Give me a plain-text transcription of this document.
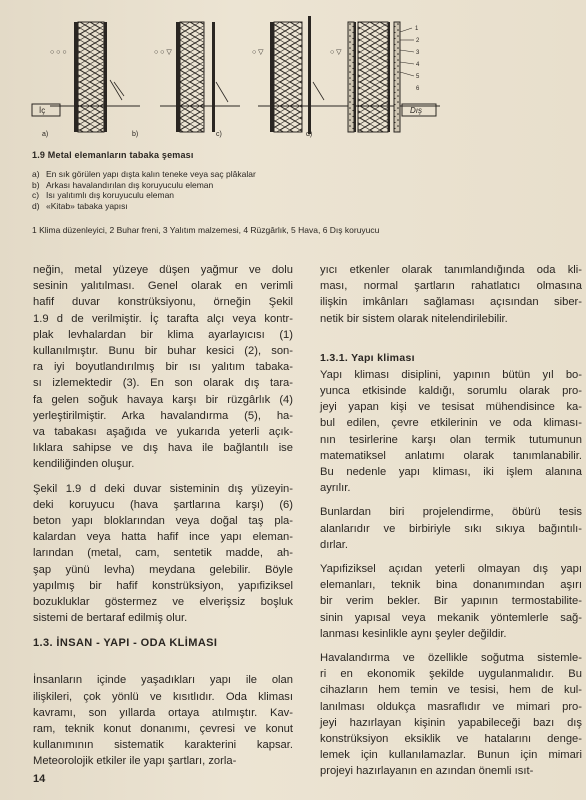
○ ○ ○
İç
○ ○ ▽	○ ▽
1
2
3
4
5
6
○ ▽
Dış
a)	b)	c)	d)
1.9 Metal elemanların tabaka şeması
a) En sık görülen yapı dışta kalın teneke veya saç plâkalar
b) Arkası havalandırılan dış koruyuculu eleman
c) Isı yalıtımlı dış koruyuculu eleman
d) «Kitab» tabaka yapısı
1 Klima düzenleyici, 2 Buhar freni, 3 Yalıtım malzemesi, 4 Rüzgârlık, 5 Hava, 6 Dış koruyucu

neğin, metal yüzeye düşen yağmur ve dolu
sesinin yalıtılması. Genel olarak en verimli
hafif duvar konstrüksiyonu, örneğin Şekil
1.9 d de verilmiştir. İç tarafta alçı veya kontr-
plak levhalardan bir klima ayarlayıcısı (1)
kullanılmıştır. Bunu bir buhar kesici (2), son-
ra iyi boyutlandırılmış bir ısı yalıtım tabaka-
sı izlemektedir (3). En son olarak dış tara-
fa gelen soğuk havaya karşı bir rüzgârlık (4)
yerleştirilmiştir. Arka havalandırma (5), ha-
va tabakası aşağıda ve yukarıda yeterli açık-
lıklara sahipse ve dış hava ile bağlantılı ise
kendiliğinden oluşur.

Şekil 1.9 d deki duvar sisteminin dış yüzeyin-
deki koruyucu (hava şartlarına karşı) (6)
beton yapı bloklarından veya doğal taş pla-
kalardan veya hatta hafif ince yapı eleman-
larından (metal, cam, sentetik madde, ah-
şap yünü levha) meydana gelebilir. Böyle
yapılmış bir hafif konstrüksiyon, yapıfiziksel
bozukluklar göstermez ve elverişsiz boşluk
sistemi de bertaraf edilmiş olur.

İnsanların içinde yaşadıkları yapı ile olan
ilişkileri, çok yönlü ve kısıtlıdır. Oda kliması
kavramı, son yıllarda ortaya atılmıştır. Kav-
ram, teknik konut donanımı, çevresi ve konut
kullanımının sistematik karakterini kapsar.
Meteorolojik etkiler ile yapı şartları, zorla-

1.3. İNSAN - YAPI - ODA KLİMASI

yıcı etkenler olarak tanımlandığında oda kli-
ması, normal şartların rahatlatıcı olmasına
ilişkin imkânları sağlaması açısından siber-
netik bir sistem olarak nitelendirilebilir.

Yapı kliması disiplini, yapının bütün yıl bo-
yunca etkisinde kaldığı, sorumlu olarak pro-
jeyi yapan kişi ve tesisat mühendisince ka-
bul edilen, çevre etkilerinin ve oda kliması-
nın tesirlerine karşı olan termik tutumunun
matematiksel anlatımı olarak tanımlanabilir.
Bu nedenle yapı kliması, iki işlem alanına
ayrılır.

Bunlardan biri projelendirme, öbürü tesis
alanlarıdır ve birbiriyle sıkı sıkıya bağıntılı-
dırlar.

Yapıfiziksel açıdan yeterli olmayan dış yapı
elemanları, teknik bina donanımından aşırı
bir verim bekler. Bir yapının termostabilite-
sinin yapısal veya mekanik yöntemlerle sağ-
lanması kesinlikle aynı şeyler değildir.

Havalandırma ve özellikle soğutma sistemle-
ri en ekonomik şekilde uygulanmalıdır. Bu
cihazların hem temin ve tesisi, hem de kul-
lanılması oldukça masraflıdır ve mimari pro-
jeyi hazırlayan kişinin yapabileceği bazı dış
konstrüksiyon eksiklik ve hatalarını denge-
lemek için kullanılamazlar. Bunun için mimari
projeyi hazırlayanın en azından önemli ısıt-

1.3.1. Yapı kliması
14
